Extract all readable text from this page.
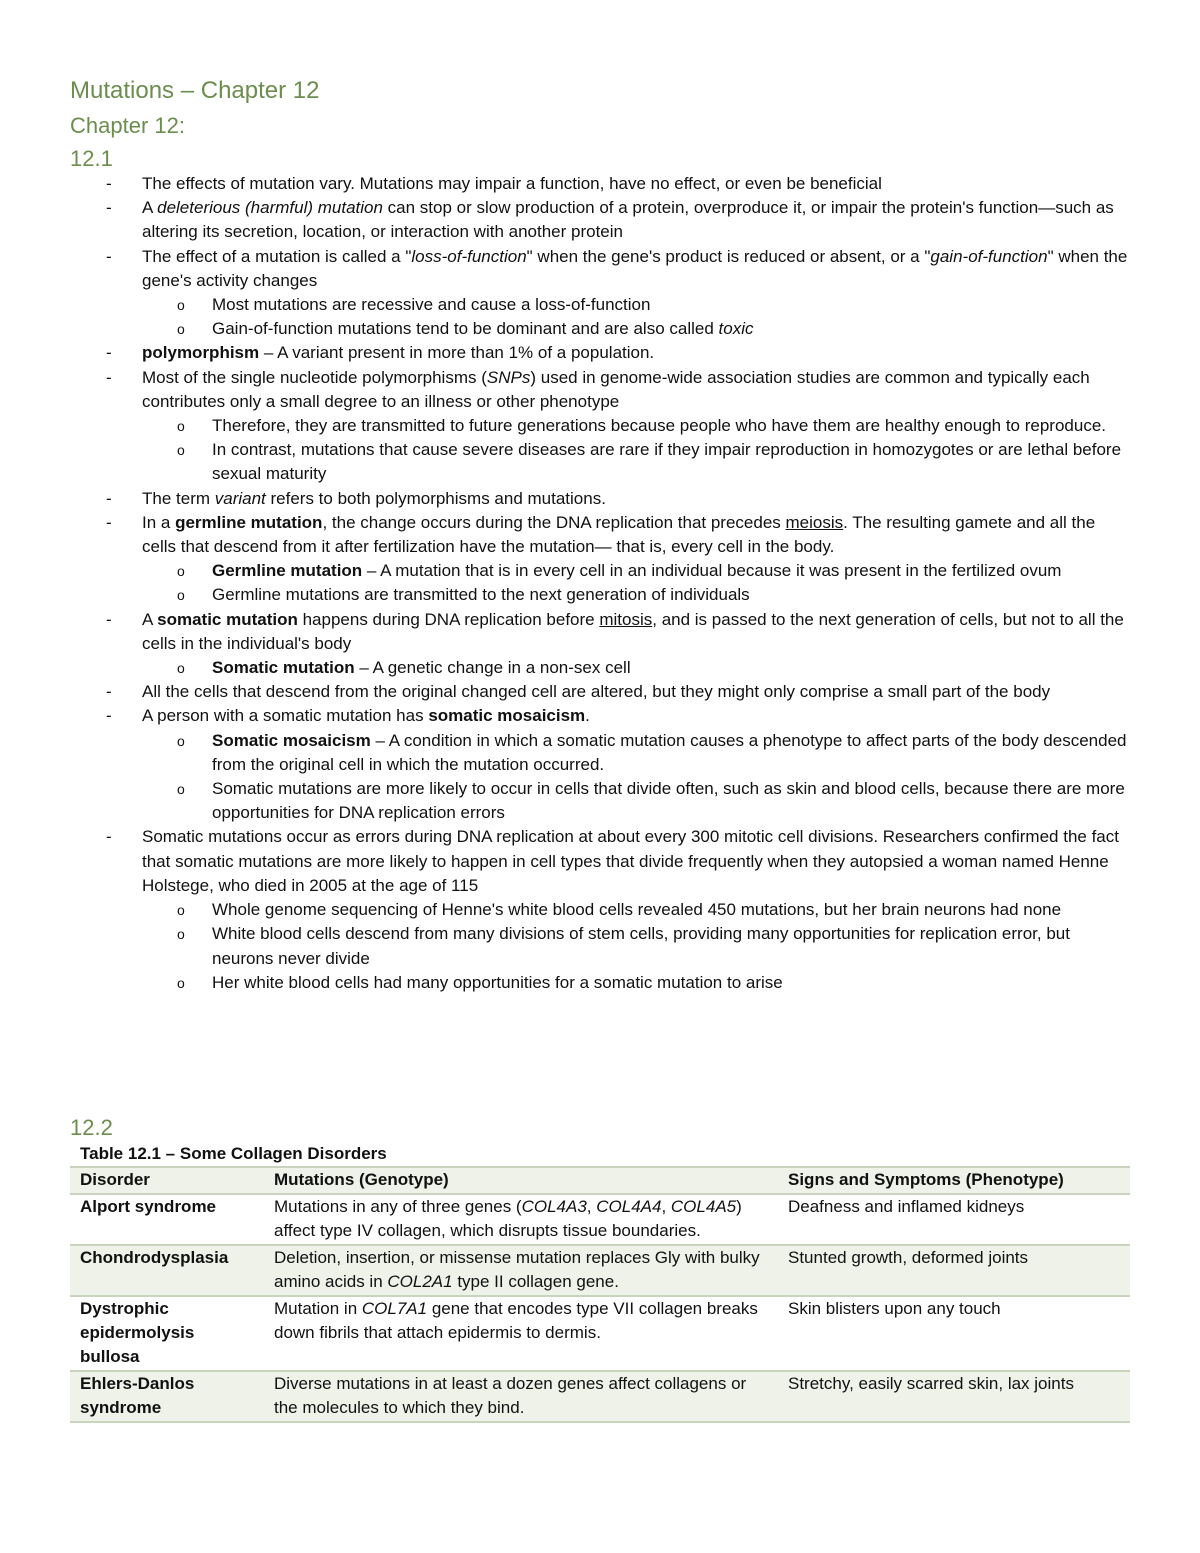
Mutations – Chapter 12
Chapter 12:
12.1
- The effects of mutation vary. Mutations may impair a function, have no effect, or even be beneficial
- A deleterious (harmful) mutation can stop or slow production of a protein, overproduce it, or impair the protein's function—such as altering its secretion, location, or interaction with another protein
- The effect of a mutation is called a "loss-of-function" when the gene's product is reduced or absent, or a "gain-of-function" when the gene's activity changes
o Most mutations are recessive and cause a loss-of-function
o Gain-of-function mutations tend to be dominant and are also called toxic
- polymorphism – A variant present in more than 1% of a population.
- Most of the single nucleotide polymorphisms (SNPs) used in genome-wide association studies are common and typically each contributes only a small degree to an illness or other phenotype
o Therefore, they are transmitted to future generations because people who have them are healthy enough to reproduce.
o In contrast, mutations that cause severe diseases are rare if they impair reproduction in homozygotes or are lethal before sexual maturity
- The term variant refers to both polymorphisms and mutations.
- In a germline mutation, the change occurs during the DNA replication that precedes meiosis. The resulting gamete and all the cells that descend from it after fertilization have the mutation— that is, every cell in the body.
o Germline mutation – A mutation that is in every cell in an individual because it was present in the fertilized ovum
o Germline mutations are transmitted to the next generation of individuals
- A somatic mutation happens during DNA replication before mitosis, and is passed to the next generation of cells, but not to all the cells in the individual's body
o Somatic mutation – A genetic change in a non-sex cell
- All the cells that descend from the original changed cell are altered, but they might only comprise a small part of the body
- A person with a somatic mutation has somatic mosaicism.
o Somatic mosaicism – A condition in which a somatic mutation causes a phenotype to affect parts of the body descended from the original cell in which the mutation occurred.
o Somatic mutations are more likely to occur in cells that divide often, such as skin and blood cells, because there are more opportunities for DNA replication errors
- Somatic mutations occur as errors during DNA replication at about every 300 mitotic cell divisions. Researchers confirmed the fact that somatic mutations are more likely to happen in cell types that divide frequently when they autopsied a woman named Henne Holstege, who died in 2005 at the age of 115
o Whole genome sequencing of Henne's white blood cells revealed 450 mutations, but her brain neurons had none
o White blood cells descend from many divisions of stem cells, providing many opportunities for replication error, but neurons never divide
o Her white blood cells had many opportunities for a somatic mutation to arise
12.2
Table 12.1 – Some Collagen Disorders
Disorder	Mutations (Genotype)	Signs and Symptoms (Phenotype)
Alport syndrome	Mutations in any of three genes (COL4A3, COL4A4, COL4A5) affect type IV collagen, which disrupts tissue boundaries.	Deafness and inflamed kidneys
Chondrodysplasia	Deletion, insertion, or missense mutation replaces Gly with bulky amino acids in COL2A1 type II collagen gene.	Stunted growth, deformed joints
Dystrophic epidermolysis bullosa	Mutation in COL7A1 gene that encodes type VII collagen breaks down fibrils that attach epidermis to dermis.	Skin blisters upon any touch
Ehlers-Danlos syndrome	Diverse mutations in at least a dozen genes affect collagens or the molecules to which they bind.	Stretchy, easily scarred skin, lax joints
